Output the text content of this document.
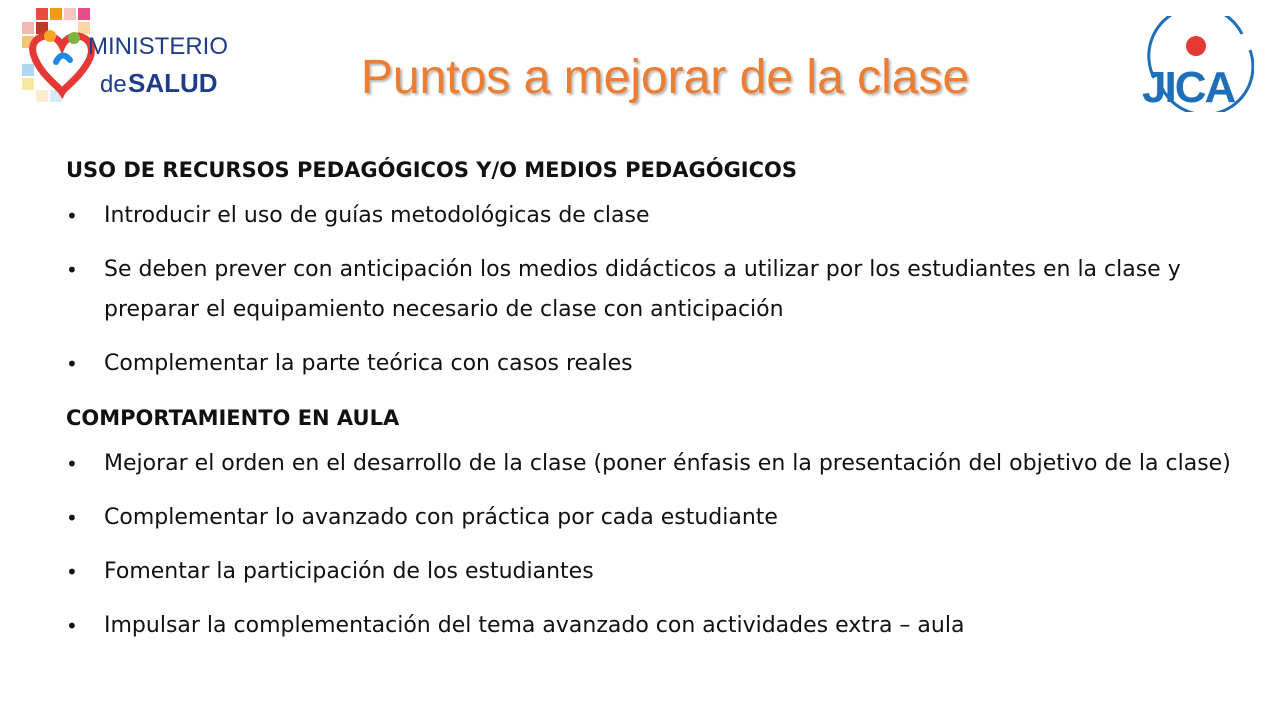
MINISTERIO
de SALUD	Puntos a mejorar de la clase	JICA
USO DE RECURSOS PEDAGÓGICOS Y/O MEDIOS PEDAGÓGICOS
• Introducir el uso de guías metodológicas de clase
• Se deben prever con anticipación los medios didácticos a utilizar por los estudiantes en la clase y preparar el equipamiento necesario de clase con anticipación
• Complementar la parte teórica con casos reales
COMPORTAMIENTO EN AULA
• Mejorar el orden en el desarrollo de la clase (poner énfasis en la presentación del objetivo de la clase)
• Complementar lo avanzado con práctica por cada estudiante
• Fomentar la participación de los estudiantes
• Impulsar la complementación del tema avanzado con actividades extra – aula
